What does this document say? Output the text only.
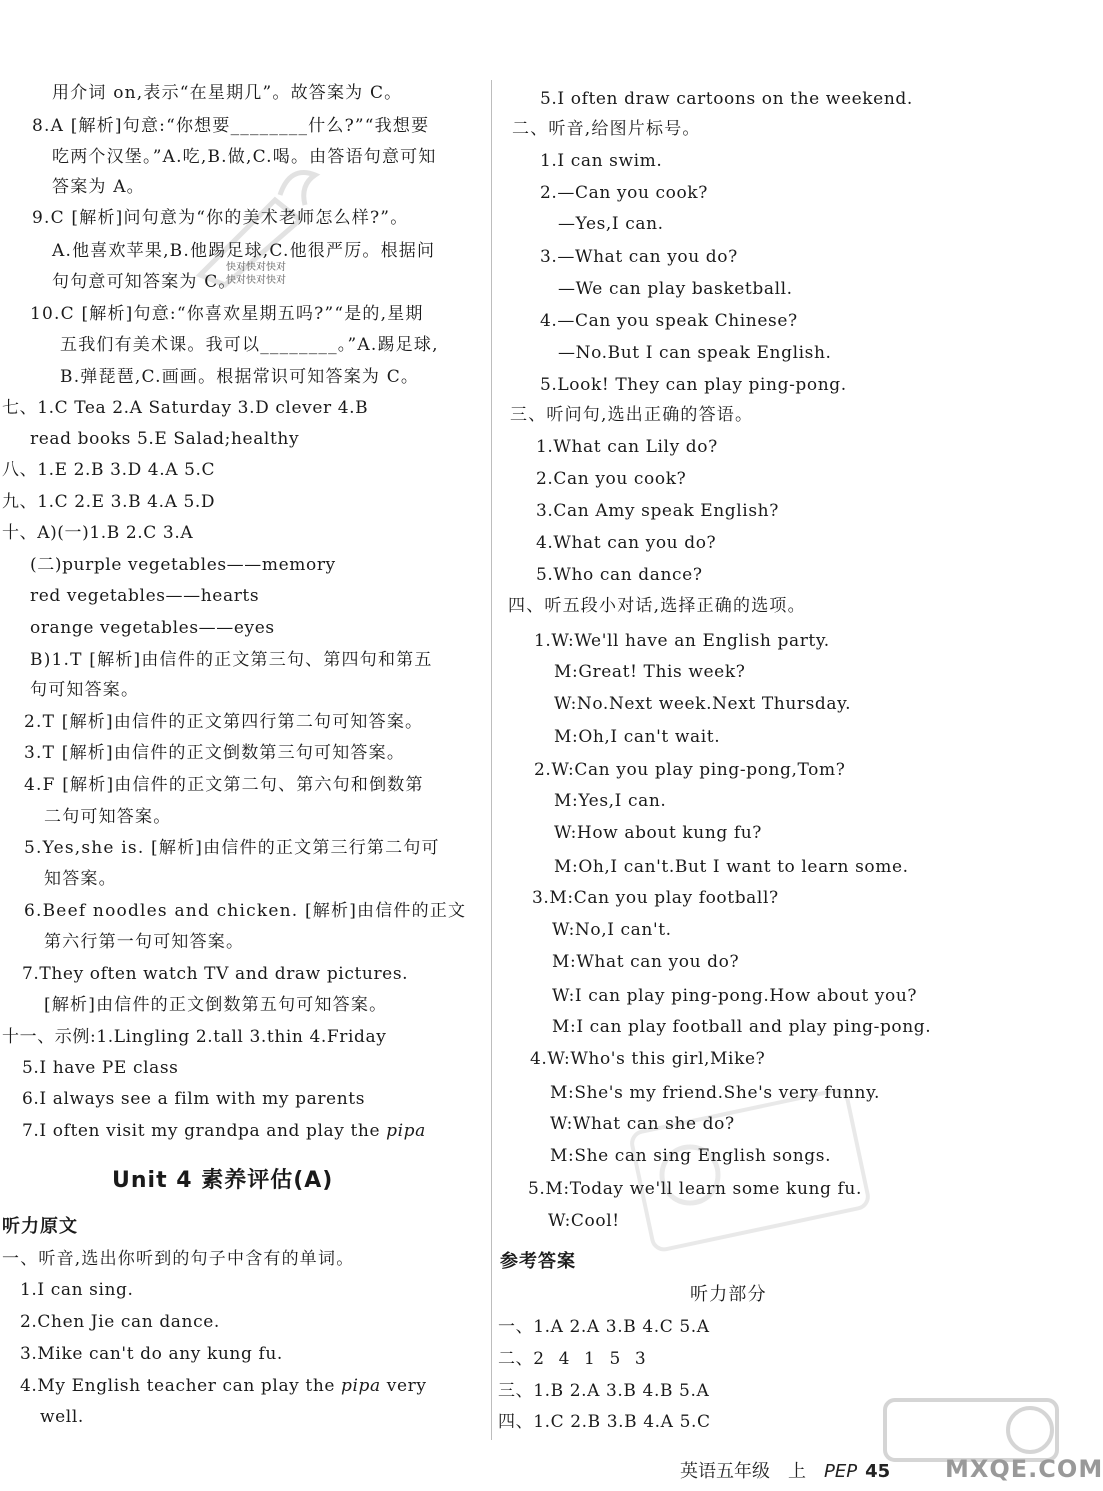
快对快对快对
快对快对快对
MXQE.COM
用介词 on,表示“在星期几”。故答案为 C。
8.A [解析]句意:“你想要________什么?”“我想要
吃两个汉堡。”A.吃,B.做,C.喝。由答语句意可知
答案为 A。
9.C [解析]问句意为“你的美术老师怎么样?”。
A.他喜欢苹果,B.他踢足球,C.他很严厉。根据问
句句意可知答案为 C。
10.C [解析]句意:“你喜欢星期五吗?”“是的,星期
五我们有美术课。我可以________。”A.踢足球,
B.弹琵琶,C.画画。根据常识可知答案为 C。
七、1.C Tea 2.A Saturday 3.D clever 4.B
read books 5.E Salad;healthy
八、1.E 2.B 3.D 4.A 5.C
九、1.C 2.E 3.B 4.A 5.D
十、A)(一)1.B 2.C 3.A
(二)purple vegetables——memory
red vegetables——hearts
orange vegetables——eyes
B)1.T [解析]由信件的正文第三句、第四句和第五
句可知答案。
2.T [解析]由信件的正文第四行第二句可知答案。
3.T [解析]由信件的正文倒数第三句可知答案。
4.F [解析]由信件的正文第二句、第六句和倒数第
二句可知答案。
5.Yes,she is. [解析]由信件的正文第三行第二句可
知答案。
6.Beef noodles and chicken. [解析]由信件的正文
第六行第一句可知答案。
7.They often watch TV and draw pictures.
[解析]由信件的正文倒数第五句可知答案。
十一、示例:1.Lingling 2.tall 3.thin 4.Friday
5.I have PE class
6.I always see a film with my parents
7.I often visit my grandpa and play the pipa
Unit 4 素养评估(A)
听力原文
一、听音,选出你听到的句子中含有的单词。
1.I can sing.
2.Chen Jie can dance.
3.Mike can't do any kung fu.
4.My English teacher can play the pipa very
well.
5.I often draw cartoons on the weekend.
二、听音,给图片标号。
1.I can swim.
2.—Can you cook?
—Yes,I can.
3.—What can you do?
—We can play basketball.
4.—Can you speak Chinese?
—No.But I can speak English.
5.Look! They can play ping-pong.
三、听问句,选出正确的答语。
1.What can Lily do?
2.Can you cook?
3.Can Amy speak English?
4.What can you do?
5.Who can dance?
四、听五段小对话,选择正确的选项。
1.W:We'll have an English party.
M:Great! This week?
W:No.Next week.Next Thursday.
M:Oh,I can't wait.
2.W:Can you play ping-pong,Tom?
M:Yes,I can.
W:How about kung fu?
M:Oh,I can't.But I want to learn some.
3.M:Can you play football?
W:No,I can't.
M:What can you do?
W:I can play ping-pong.How about you?
M:I can play football and play ping-pong.
4.W:Who's this girl,Mike?
M:She's my friend.She's very funny.
W:What can she do?
M:She can sing English songs.
5.M:Today we'll learn some kung fu.
W:Cool!
参考答案
听力部分
一、1.A 2.A 3.B 4.C 5.A
二、2 4 1 5 3
三、1.B 2.A 3.B 4.B 5.A
四、1.C 2.B 3.B 4.A 5.C
英语五年级 上 PEP 45
